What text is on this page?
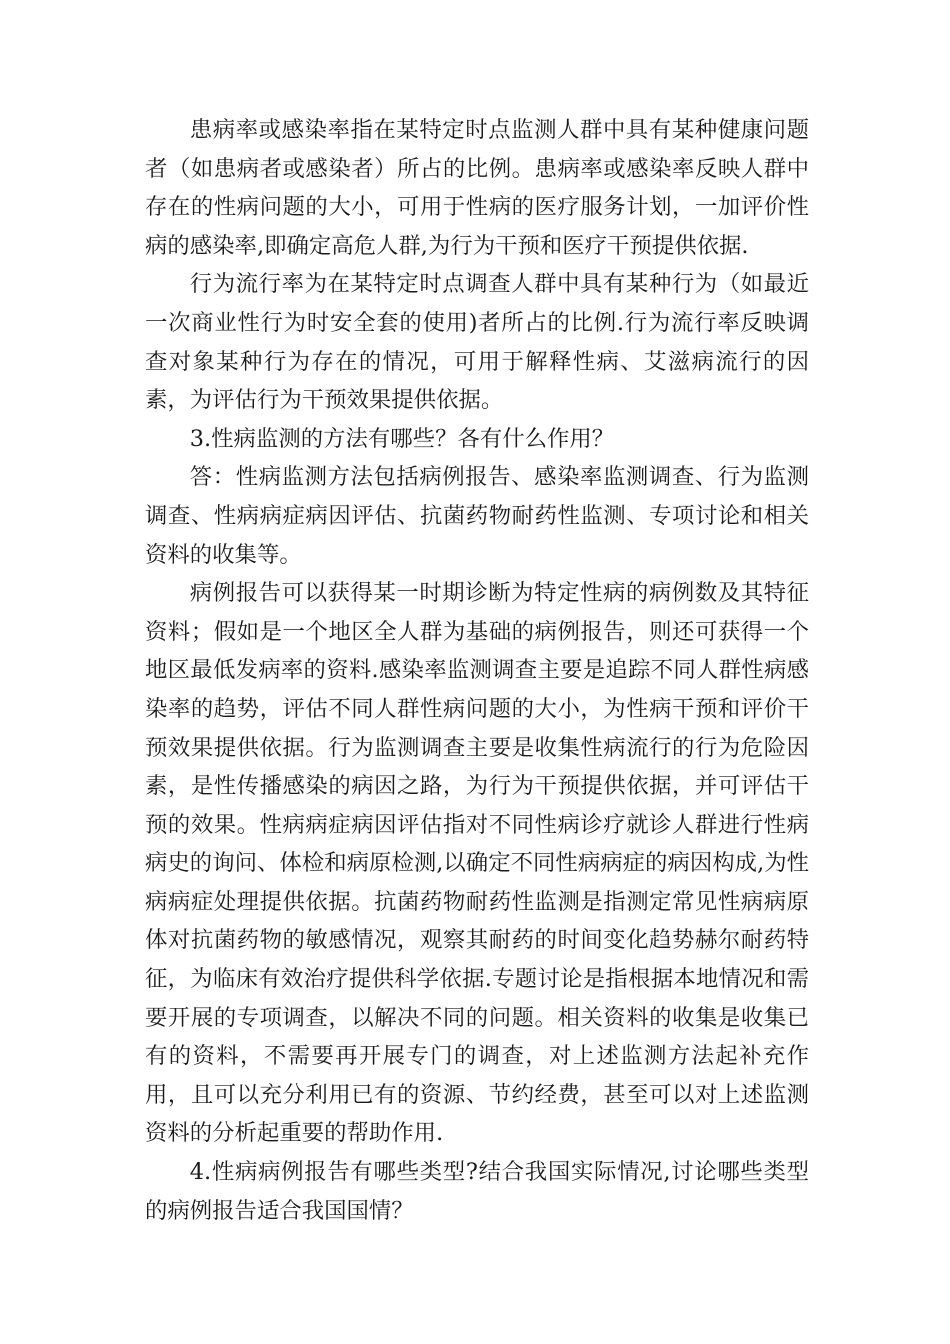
患病率或感染率指在某特定时点监测人群中具有某种健康问题者（如患病者或感染者）所占的比例。患病率或感染率反映人群中存在的性病问题的大小，可用于性病的医疗服务计划，一加评价性病的感染率,即确定高危人群,为行为干预和医疗干预提供依据.

行为流行率为在某特定时点调查人群中具有某种行为（如最近一次商业性行为时安全套的使用)者所占的比例.行为流行率反映调查对象某种行为存在的情况，可用于解释性病、艾滋病流行的因素，为评估行为干预效果提供依据。

3.性病监测的方法有哪些？各有什么作用？

答：性病监测方法包括病例报告、感染率监测调查、行为监测调查、性病病症病因评估、抗菌药物耐药性监测、专项讨论和相关资料的收集等。

病例报告可以获得某一时期诊断为特定性病的病例数及其特征资料；假如是一个地区全人群为基础的病例报告，则还可获得一个地区最低发病率的资料.感染率监测调查主要是追踪不同人群性病感染率的趋势，评估不同人群性病问题的大小，为性病干预和评价干预效果提供依据。行为监测调查主要是收集性病流行的行为危险因素，是性传播感染的病因之路，为行为干预提供依据，并可评估干预的效果。性病病症病因评估指对不同性病诊疗就诊人群进行性病病史的询问、体检和病原检测,以确定不同性病病症的病因构成,为性病病症处理提供依据。抗菌药物耐药性监测是指测定常见性病病原体对抗菌药物的敏感情况，观察其耐药的时间变化趋势赫尔耐药特征，为临床有效治疗提供科学依据.专题讨论是指根据本地情况和需要开展的专项调查，以解决不同的问题。相关资料的收集是收集已有的资料，不需要再开展专门的调查，对上述监测方法起补充作用，且可以充分利用已有的资源、节约经费，甚至可以对上述监测资料的分析起重要的帮助作用.

4.性病病例报告有哪些类型?结合我国实际情况,讨论哪些类型的病例报告适合我国国情？
